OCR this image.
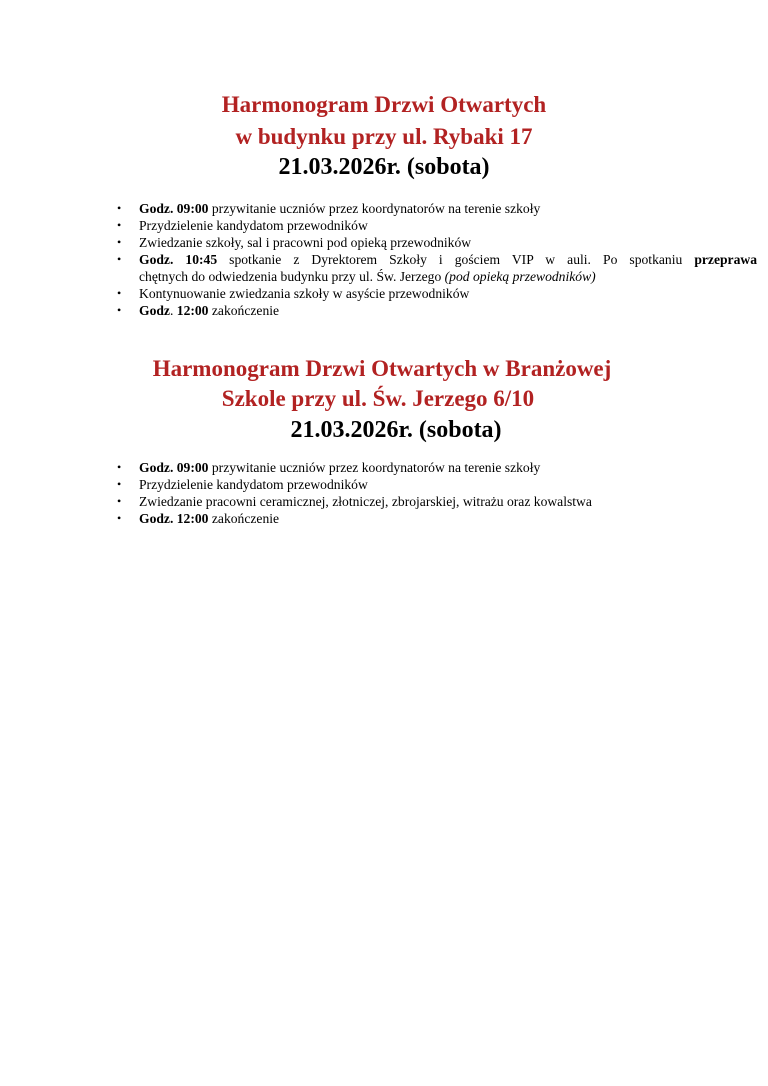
Harmonogram Drzwi Otwartych
w budynku przy ul. Rybaki 17
21.03.2026r. (sobota)
• Godz. 09:00 przywitanie uczniów przez koordynatorów na terenie szkoły
• Przydzielenie kandydatom przewodników
• Zwiedzanie szkoły, sal i pracowni pod opieką przewodników
• Godz. 10:45 spotkanie z Dyrektorem Szkoły i gościem VIP w auli. Po spotkaniu przeprawa
chętnych do odwiedzenia budynku przy ul. Św. Jerzego (pod opieką przewodników)
• Kontynuowanie zwiedzania szkoły w asyście przewodników
• Godz. 12:00 zakończenie
Harmonogram Drzwi Otwartych w Branżowej
Szkole przy ul. Św. Jerzego 6/10
21.03.2026r. (sobota)
• Godz. 09:00 przywitanie uczniów przez koordynatorów na terenie szkoły
• Przydzielenie kandydatom przewodników
• Zwiedzanie pracowni ceramicznej, złotniczej, zbrojarskiej, witrażu oraz kowalstwa
• Godz. 12:00 zakończenie
